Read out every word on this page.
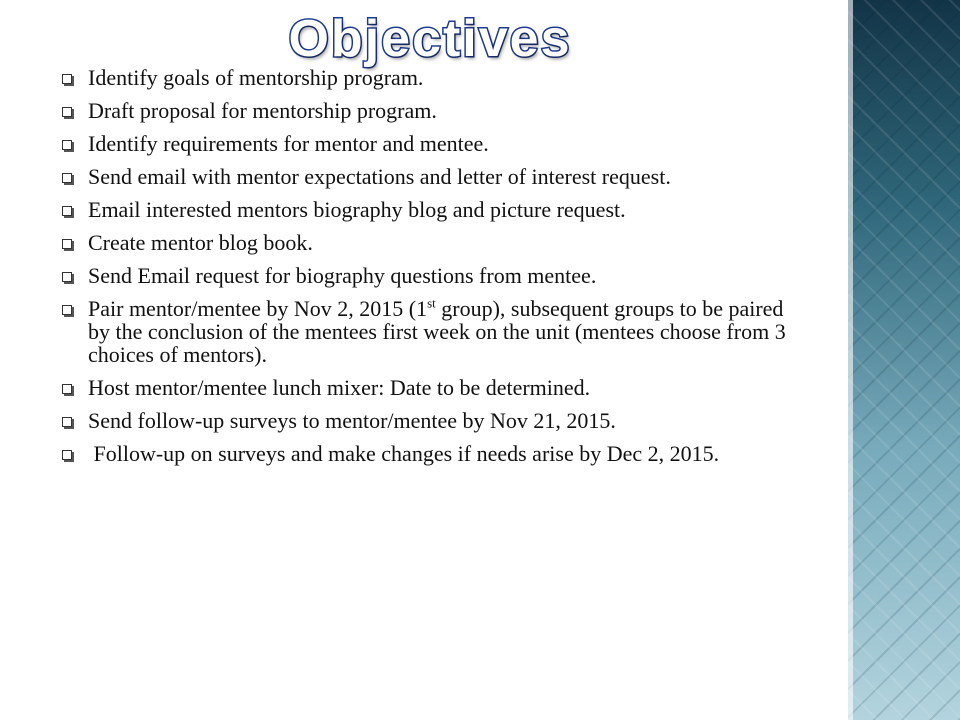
Objectives
Identify goals of mentorship program.
Draft proposal for mentorship program.
Identify requirements for mentor and mentee.
Send email with mentor expectations and letter of interest request.
Email interested mentors biography blog and picture request.
Create mentor blog book.
Send Email request for biography questions from mentee.
Pair mentor/mentee by Nov 2, 2015 (1st group), subsequent groups to be paired by the conclusion of the mentees first week on the unit (mentees choose from 3 choices of mentors).
Host mentor/mentee lunch mixer: Date to be determined.
Send follow-up surveys to mentor/mentee by Nov 21, 2015.
Follow-up on surveys and make changes if needs arise by Dec 2, 2015.
